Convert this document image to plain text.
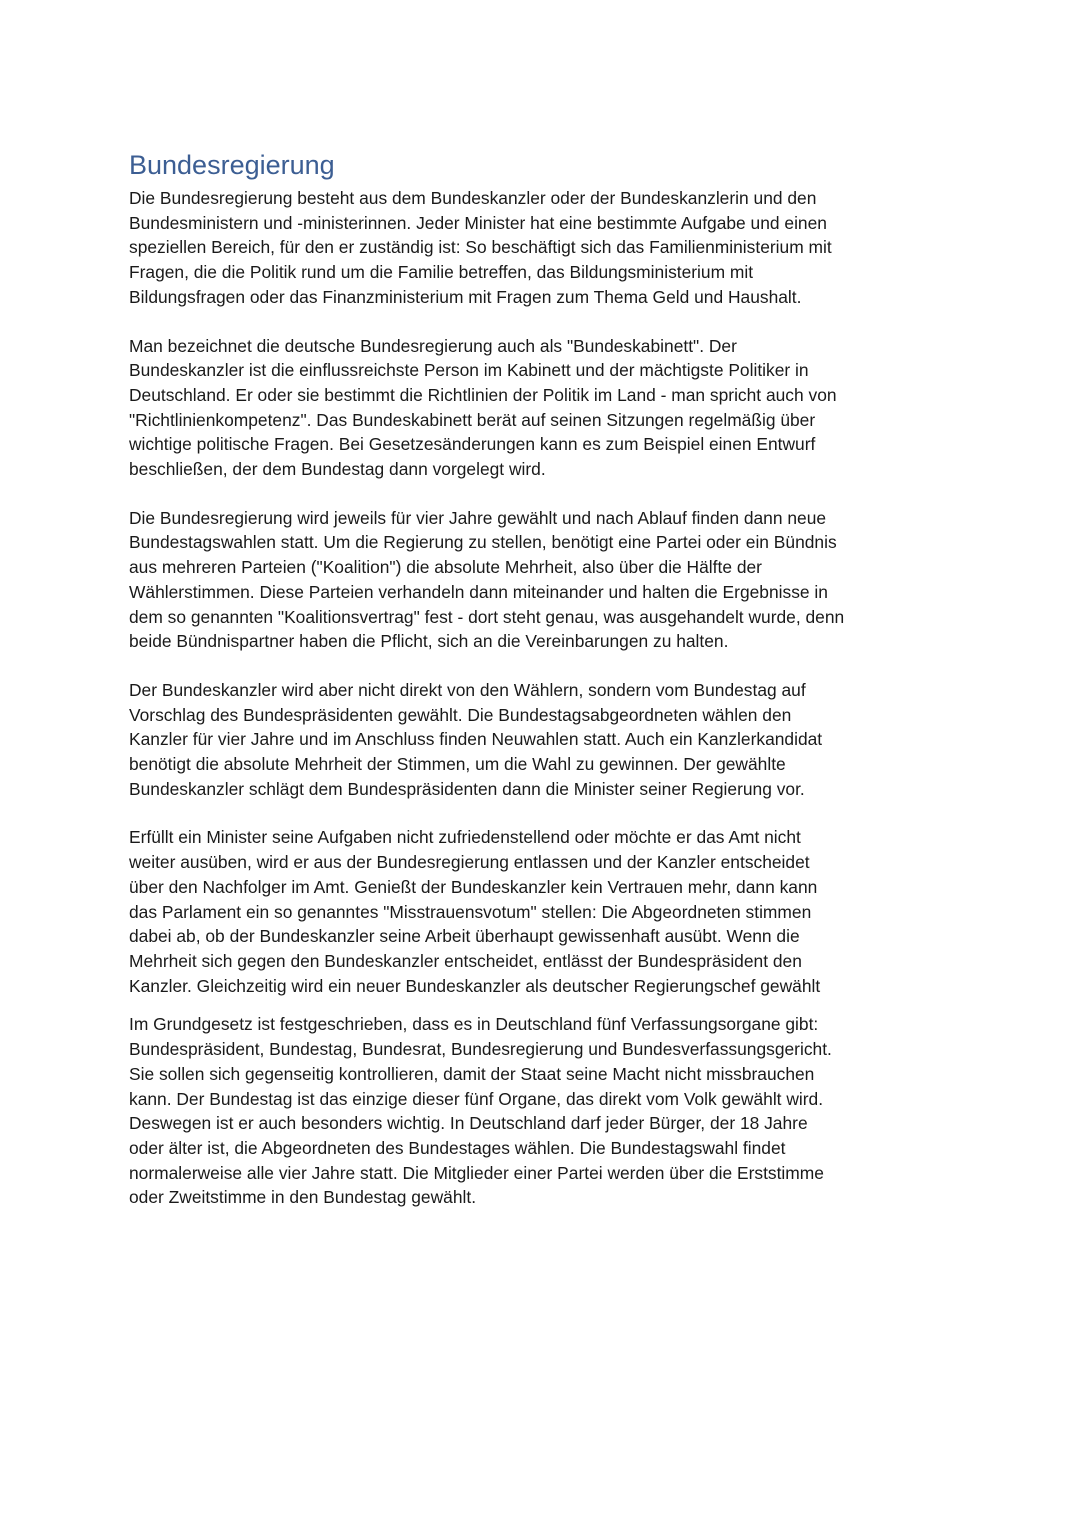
Bundesregierung

Die Bundesregierung besteht aus dem Bundeskanzler oder der Bundeskanzlerin und den
Bundesministern und -ministerinnen. Jeder Minister hat eine bestimmte Aufgabe und einen
speziellen Bereich, für den er zuständig ist: So beschäftigt sich das Familienministerium mit
Fragen, die die Politik rund um die Familie betreffen, das Bildungsministerium mit
Bildungsfragen oder das Finanzministerium mit Fragen zum Thema Geld und Haushalt.

Man bezeichnet die deutsche Bundesregierung auch als "Bundeskabinett". Der
Bundeskanzler ist die einflussreichste Person im Kabinett und der mächtigste Politiker in
Deutschland. Er oder sie bestimmt die Richtlinien der Politik im Land - man spricht auch von
"Richtlinienkompetenz". Das Bundeskabinett berät auf seinen Sitzungen regelmäßig über
wichtige politische Fragen. Bei Gesetzesänderungen kann es zum Beispiel einen Entwurf
beschließen, der dem Bundestag dann vorgelegt wird.

Die Bundesregierung wird jeweils für vier Jahre gewählt und nach Ablauf finden dann neue
Bundestagswahlen statt. Um die Regierung zu stellen, benötigt eine Partei oder ein Bündnis
aus mehreren Parteien ("Koalition") die absolute Mehrheit, also über die Hälfte der
Wählerstimmen. Diese Parteien verhandeln dann miteinander und halten die Ergebnisse in
dem so genannten "Koalitionsvertrag" fest - dort steht genau, was ausgehandelt wurde, denn
beide Bündnispartner haben die Pflicht, sich an die Vereinbarungen zu halten.

Der Bundeskanzler wird aber nicht direkt von den Wählern, sondern vom Bundestag auf
Vorschlag des Bundespräsidenten gewählt. Die Bundestagsabgeordneten wählen den
Kanzler für vier Jahre und im Anschluss finden Neuwahlen statt. Auch ein Kanzlerkandidat
benötigt die absolute Mehrheit der Stimmen, um die Wahl zu gewinnen. Der gewählte
Bundeskanzler schlägt dem Bundespräsidenten dann die Minister seiner Regierung vor.

Erfüllt ein Minister seine Aufgaben nicht zufriedenstellend oder möchte er das Amt nicht
weiter ausüben, wird er aus der Bundesregierung entlassen und der Kanzler entscheidet
über den Nachfolger im Amt. Genießt der Bundeskanzler kein Vertrauen mehr, dann kann
das Parlament ein so genanntes "Misstrauensvotum" stellen: Die Abgeordneten stimmen
dabei ab, ob der Bundeskanzler seine Arbeit überhaupt gewissenhaft ausübt. Wenn die
Mehrheit sich gegen den Bundeskanzler entscheidet, entlässt der Bundespräsident den
Kanzler. Gleichzeitig wird ein neuer Bundeskanzler als deutscher Regierungschef gewählt

Im Grundgesetz ist festgeschrieben, dass es in Deutschland fünf Verfassungsorgane gibt:
Bundespräsident, Bundestag, Bundesrat, Bundesregierung und Bundesverfassungsgericht.
Sie sollen sich gegenseitig kontrollieren, damit der Staat seine Macht nicht missbrauchen
kann. Der Bundestag ist das einzige dieser fünf Organe, das direkt vom Volk gewählt wird.
Deswegen ist er auch besonders wichtig. In Deutschland darf jeder Bürger, der 18 Jahre
oder älter ist, die Abgeordneten des Bundestages wählen. Die Bundestagswahl findet
normalerweise alle vier Jahre statt. Die Mitglieder einer Partei werden über die Erststimme
oder Zweitstimme in den Bundestag gewählt.
